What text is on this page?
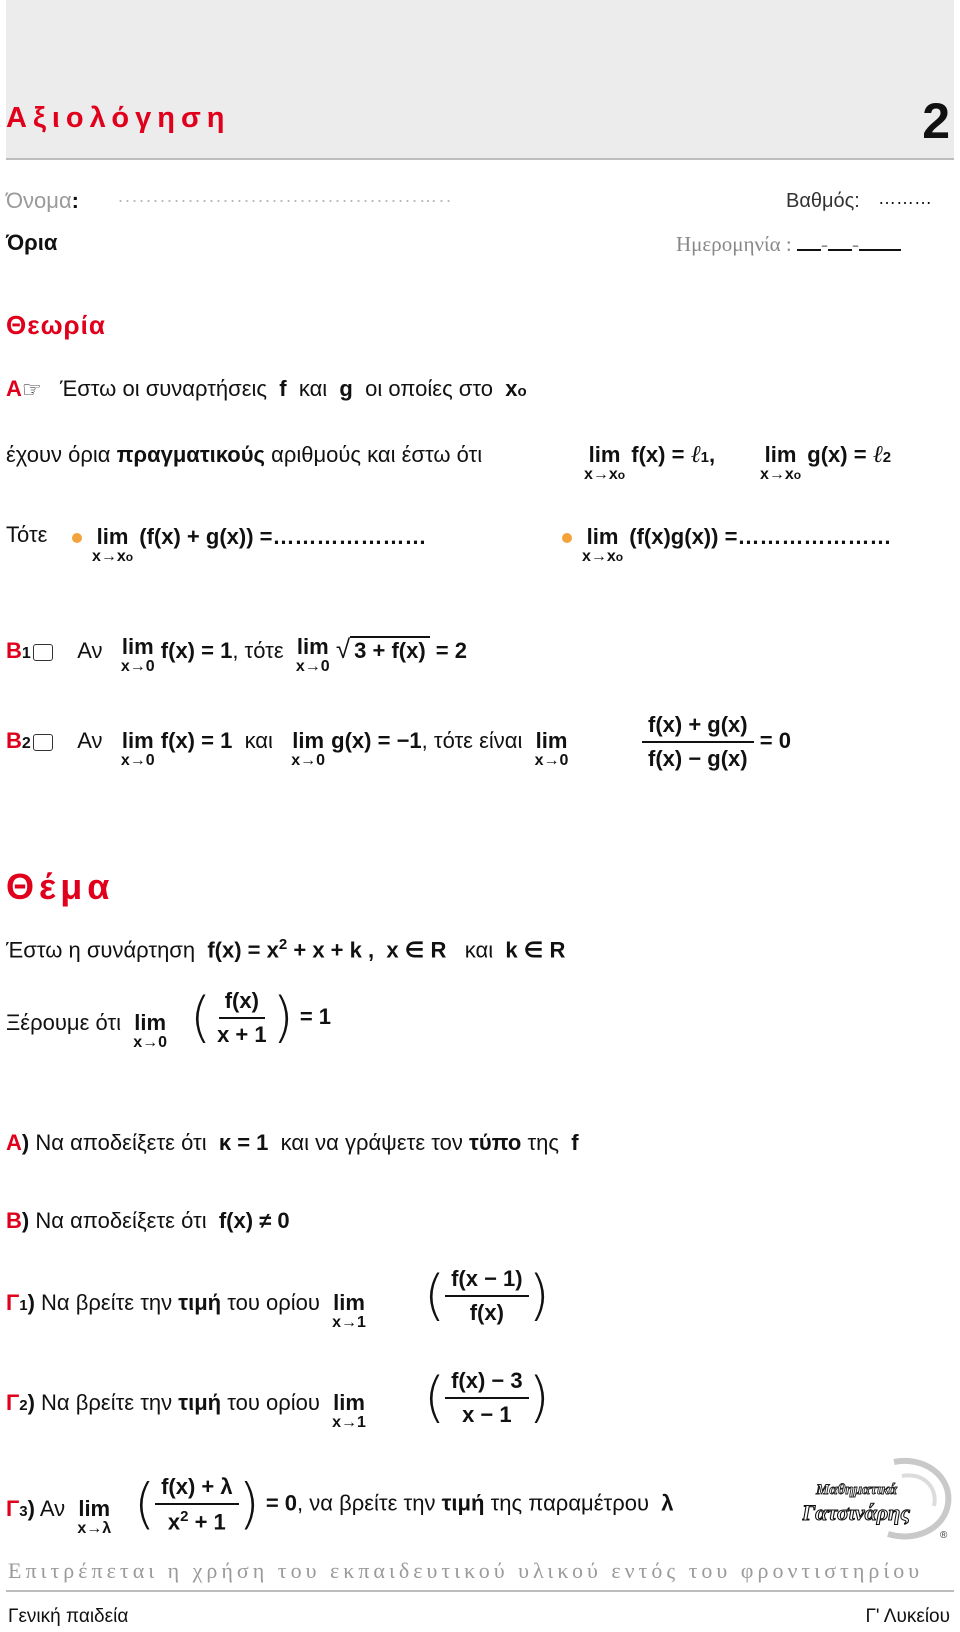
Αξιολόγηση	2
Όνομα: ...........................................…..	Βαθμός: ………
Όρια	Ημερομηνία : - -
Θεωρία
Α☞ Έστω οι συναρτήσεις f και g οι οποίες στο xo
έχουν όρια πραγματικούς αριθμούς και έστω ότι	lim
x→xo
f(x) = ℓ1, lim
x→xo
g(x) = ℓ2
Τότε lim
x→xo
(f(x) + g(x)) =…………………	lim
x→xo
(f(x)g(x)) =…………………
Β1 Αν lim
x→0
f(x) = 1, τότε lim
x→0
√ 3 + f(x) = 2
Β2 Αν lim
x→0
f(x) = 1 και lim
x→0
g(x) = −1, τότε είναι lim
x→0	$\frac{f(x) + g(x)}{f(x) - g(x)} = 0$
Θέμα
Έστω η συνάρτηση $f(x) = x^2 + x + k$ , x ∈ R και k ∈ R
Ξέρουμε ότι lim
x→0 ( $\frac{f(x)}{x + 1}$ ) = 1
Α) Να αποδείξετε ότι κ = 1 και να γράψετε τον τύπο της f
Β) Να αποδείξετε ότι f(x) ≠ 0
Γ1) Να βρείτε την τιμή του ορίου lim
x→1 ( $\frac{f(x - 1)}{f(x)}$ )
Γ2) Να βρείτε την τιμή του ορίου lim
x→1 ( $\frac{f(x) - 3}{x - 1}$ )
Γ3) Αν lim
x→λ ( $\frac{f(x) + \lambda}{x^2 + 1}$ ) = 0, να βρείτε την τιμή της παραμέτρου λ
Μαθηματικά
Γατσινάρης
®
Επιτρέπεται η χρήση του εκπαιδευτικού υλικού εντός του φροντιστηρίου
Γενική παιδεία	Γ' Λυκείου
